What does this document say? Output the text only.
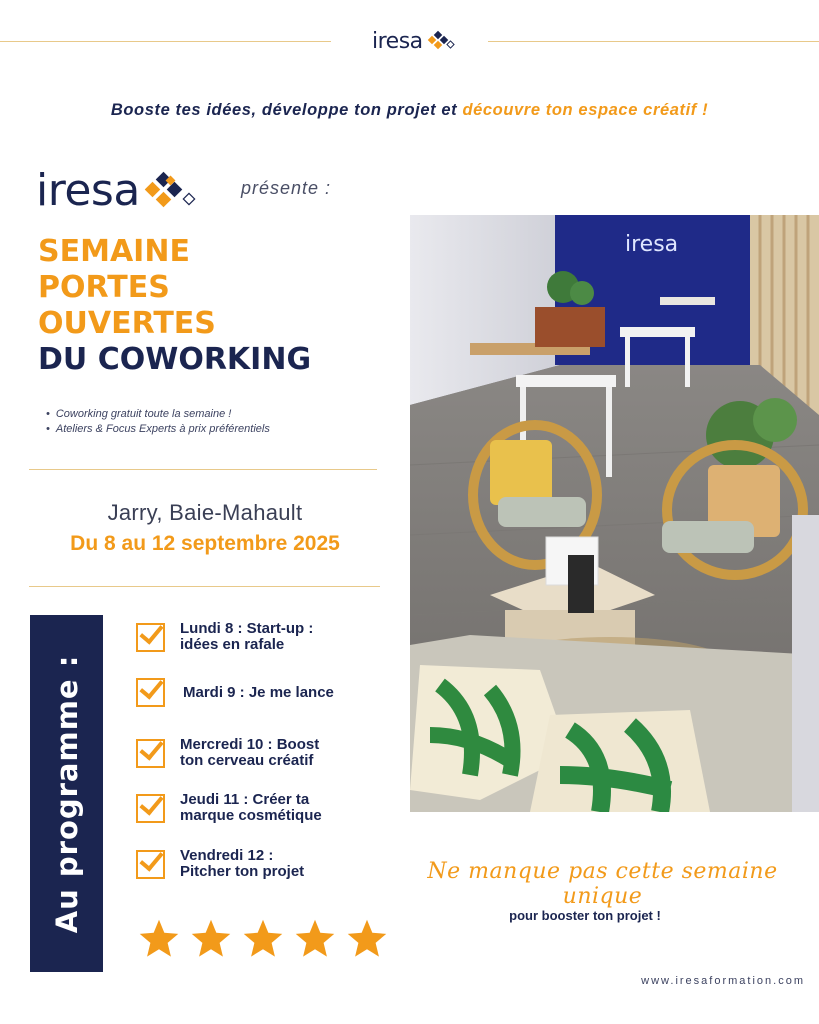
iresa
Booste tes idées, développe ton projet et découvre ton espace créatif !
iresa	présente :
SEMAINE
PORTES
OUVERTES
DU COWORKING
• Coworking gratuit toute la semaine !
• Ateliers & Focus Experts à prix préférentiels
Jarry, Baie-Mahault
Du 8 au 12 septembre 2025
Au programme :
Lundi 8 : Start-up :
idées en rafale
Mardi 9 : Je me lance
Mercredi 10 : Boost
ton cerveau créatif
Jeudi 11 : Créer ta
marque cosmétique
Vendredi 12 :
Pitcher ton projet
iresa
Ne manque pas cette semaine unique
pour booster ton projet !
www.iresaformation.com
